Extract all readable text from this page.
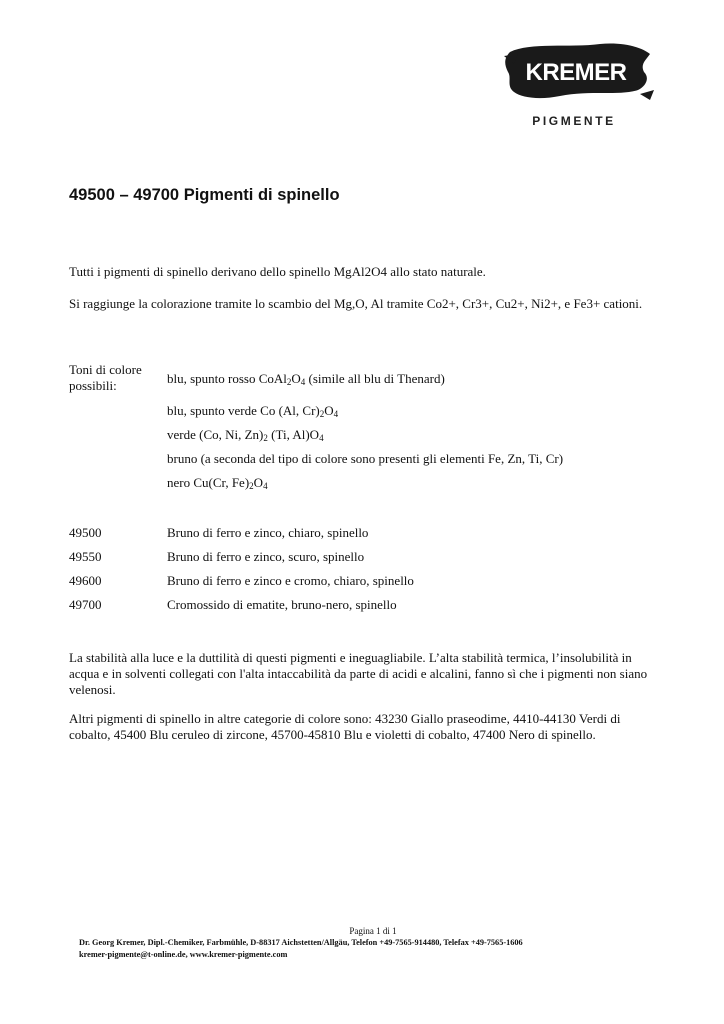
KREMER
PIGMENTE
49500 – 49700 Pigmenti di spinello
Tutti i pigmenti di spinello derivano dello spinello MgAl2O4 allo stato naturale.
Si raggiunge la colorazione tramite lo scambio del Mg,O, Al tramite Co2+, Cr3+, Cu2+, Ni2+, e Fe3+ cationi.
Toni di colore possibili:	blu, spunto rosso $CoAl_2O_4$ (simile all blu di Thenard)
blu, spunto verde Co (Al, $Cr)_2O_4$
verde (Co, Ni, $Zn)_2$ (Ti, $Al)O_4$
bruno (a seconda del tipo di colore sono presenti gli elementi Fe, Zn, Ti, Cr)
nero Cu(Cr, $Fe)_2O_4$
49500	Bruno di ferro e zinco, chiaro, spinello
49550	Bruno di ferro e zinco, scuro, spinello
49600	Bruno di ferro e zinco e cromo, chiaro, spinello
49700	Cromossido di ematite, bruno-nero, spinello
La stabilità alla luce e la duttilità di questi pigmenti e ineguagliabile. L’alta stabilità termica, l’insolubilità in acqua e in solventi collegati con l'alta intaccabilità da parte di acidi e alcalini, fanno sì che i pigmenti non siano velenosi.
Altri pigmenti di spinello in altre categorie di colore sono: 43230 Giallo praseodime, 4410-44130 Verdi di cobalto, 45400 Blu ceruleo di zircone, 45700-45810 Blu e violetti di cobalto, 47400 Nero di spinello.
Pagina 1 di 1
Dr. Georg Kremer, Dipl.-Chemiker, Farbmühle, D-88317 Aichstetten/Allgäu, Telefon +49-7565-914480, Telefax +49-7565-1606
kremer-pigmente@t-online.de, www.kremer-pigmente.com
